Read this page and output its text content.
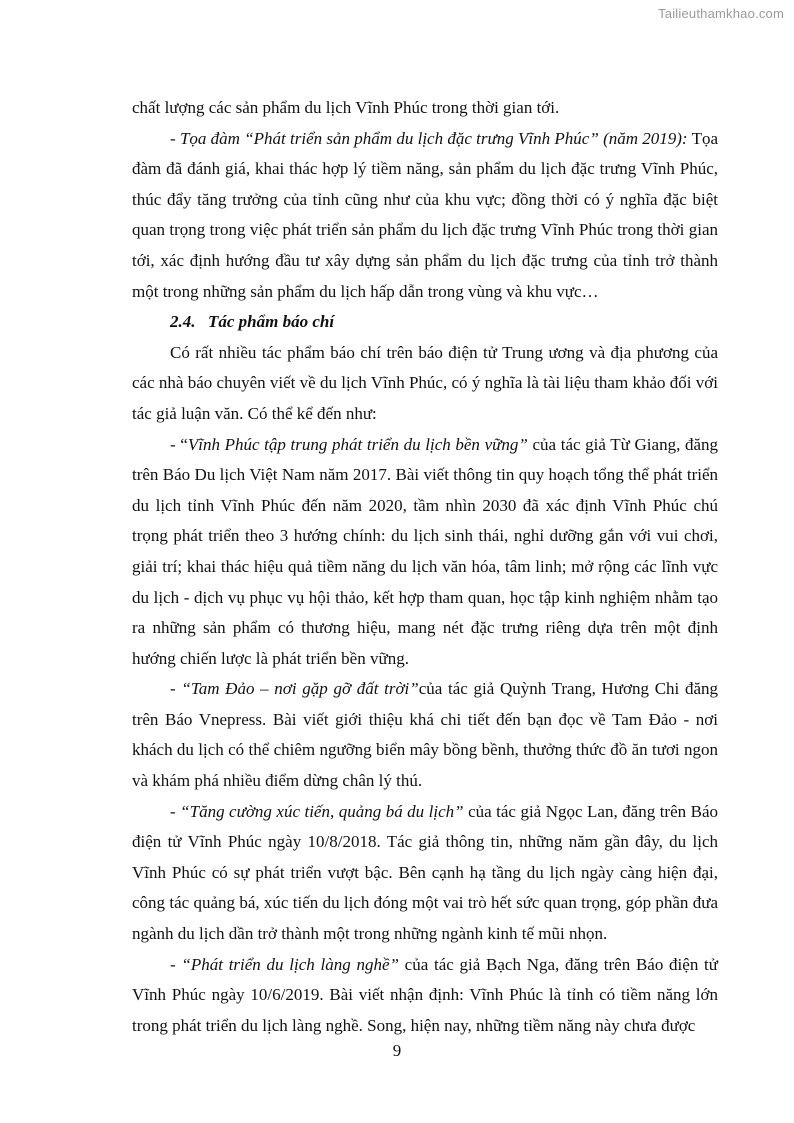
Tailieuthamkhao.com

chất lượng các sản phẩm du lịch Vĩnh Phúc trong thời gian tới.

- Tọa đàm “Phát triển sản phẩm du lịch đặc trưng Vĩnh Phúc” (năm 2019): Tọa đàm đã đánh giá, khai thác hợp lý tiềm năng, sản phẩm du lịch đặc trưng Vĩnh Phúc, thúc đẩy tăng trưởng của tỉnh cũng như của khu vực; đồng thời có ý nghĩa đặc biệt quan trọng trong việc phát triển sản phẩm du lịch đặc trưng Vĩnh Phúc trong thời gian tới, xác định hướng đầu tư xây dựng sản phẩm du lịch đặc trưng của tỉnh trở thành một trong những sản phẩm du lịch hấp dẫn trong vùng và khu vực…

2.4. Tác phẩm báo chí

Có rất nhiều tác phẩm báo chí trên báo điện tử Trung ương và địa phương của các nhà báo chuyên viết về du lịch Vĩnh Phúc, có ý nghĩa là tài liệu tham khảo đối với tác giả luận văn. Có thể kể đến như:

- “Vĩnh Phúc tập trung phát triển du lịch bền vững” của tác giả Từ Giang, đăng trên Báo Du lịch Việt Nam năm 2017. Bài viết thông tin quy hoạch tổng thể phát triển du lịch tỉnh Vĩnh Phúc đến năm 2020, tầm nhìn 2030 đã xác định Vĩnh Phúc chú trọng phát triển theo 3 hướng chính: du lịch sinh thái, nghỉ dưỡng gắn với vui chơi, giải trí; khai thác hiệu quả tiềm năng du lịch văn hóa, tâm linh; mở rộng các lĩnh vực du lịch - dịch vụ phục vụ hội thảo, kết hợp tham quan, học tập kinh nghiệm nhằm tạo ra những sản phẩm có thương hiệu, mang nét đặc trưng riêng dựa trên một định hướng chiến lược là phát triển bền vững.

- “Tam Đảo – nơi gặp gỡ đất trời”của tác giả Quỳnh Trang, Hương Chi đăng trên Báo Vnepress. Bài viết giới thiệu khá chi tiết đến bạn đọc về Tam Đảo - nơi khách du lịch có thể chiêm ngưỡng biển mây bồng bềnh, thưởng thức đồ ăn tươi ngon và khám phá nhiều điểm dừng chân lý thú.

- “Tăng cường xúc tiến, quảng bá du lịch” của tác giả Ngọc Lan, đăng trên Báo điện tử Vĩnh Phúc ngày 10/8/2018. Tác giả thông tin, những năm gần đây, du lịch Vĩnh Phúc có sự phát triển vượt bậc. Bên cạnh hạ tầng du lịch ngày càng hiện đại, công tác quảng bá, xúc tiến du lịch đóng một vai trò hết sức quan trọng, góp phần đưa ngành du lịch dần trở thành một trong những ngành kinh tế mũi nhọn.

- “Phát triển du lịch làng nghề” của tác giả Bạch Nga, đăng trên Báo điện tử Vĩnh Phúc ngày 10/6/2019. Bài viết nhận định: Vĩnh Phúc là tỉnh có tiềm năng lớn trong phát triển du lịch làng nghề. Song, hiện nay, những tiềm năng này chưa được

9
